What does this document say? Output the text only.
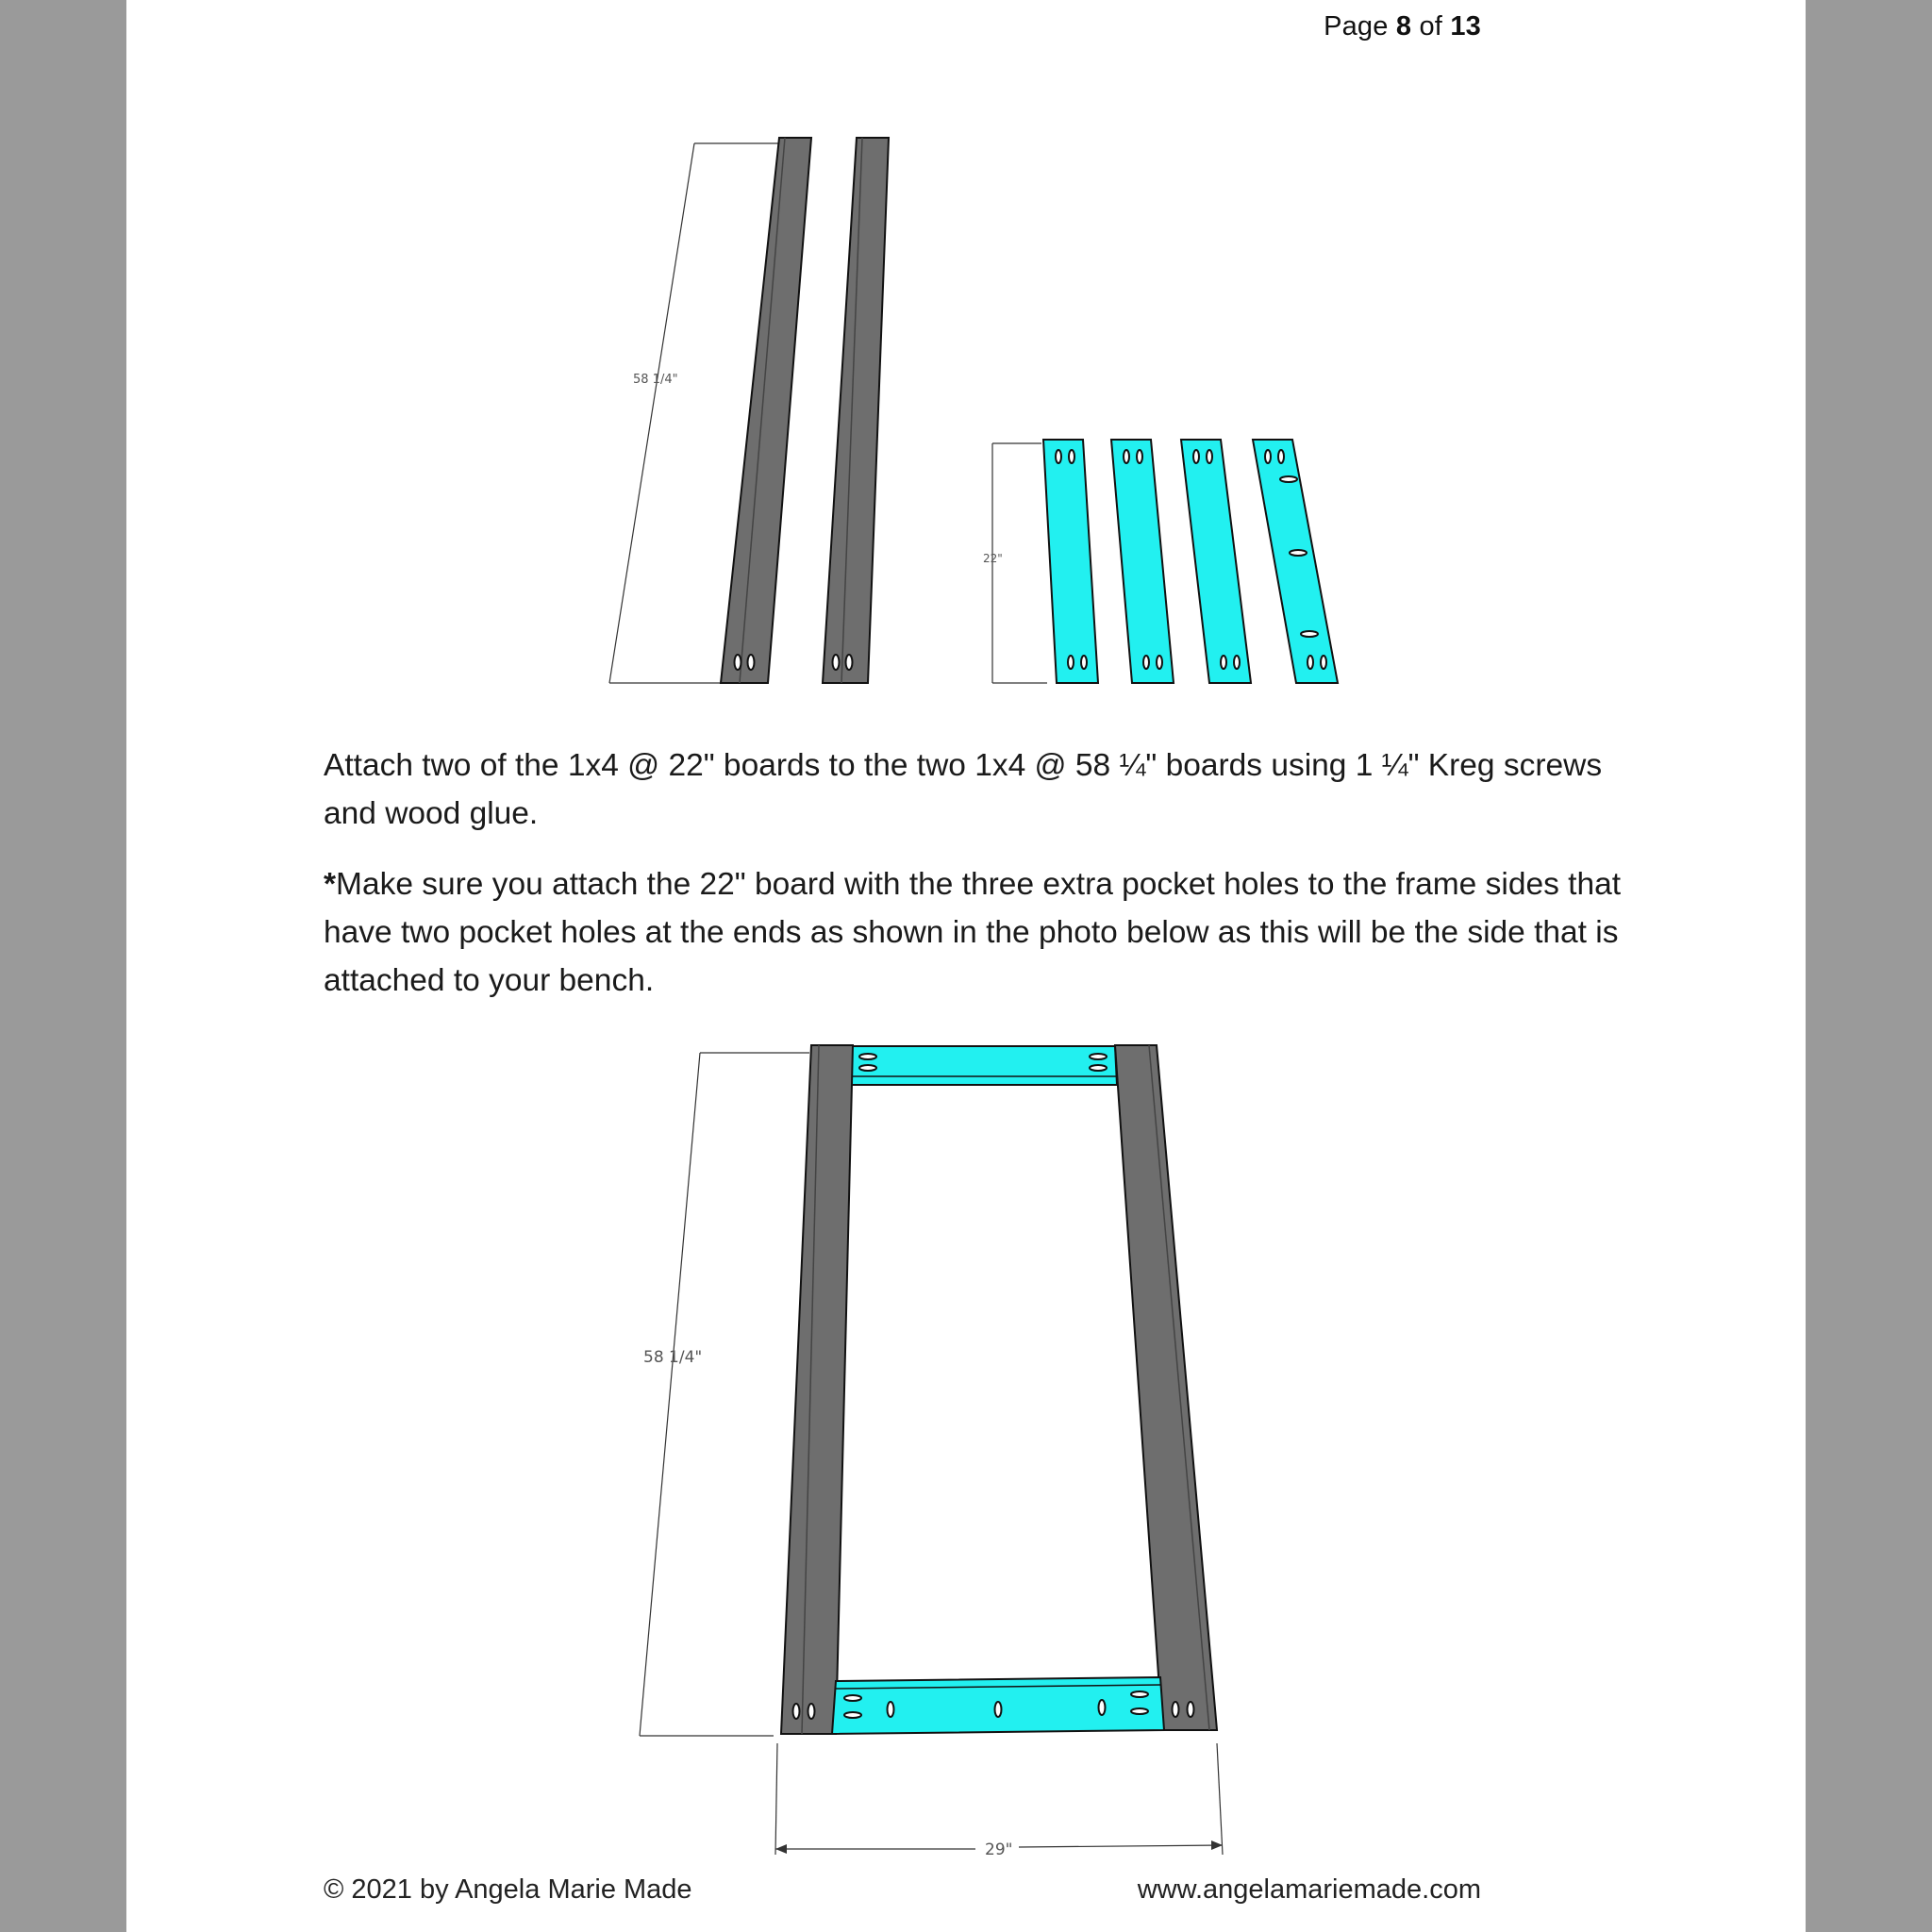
Page 8 of 13
58 1/4"
22"

Attach two of the 1x4 @ 22" boards to the two 1x4 @ 58 ¼" boards using 1 ¼" Kreg screws and wood glue.

*Make sure you attach the 22" board with the three extra pocket holes to the frame sides that have two pocket holes at the ends as shown in the photo below as this will be the side that is attached to your bench.

58 1/4"
29"
© 2021 by Angela Marie Made	www.angelamariemade.com
